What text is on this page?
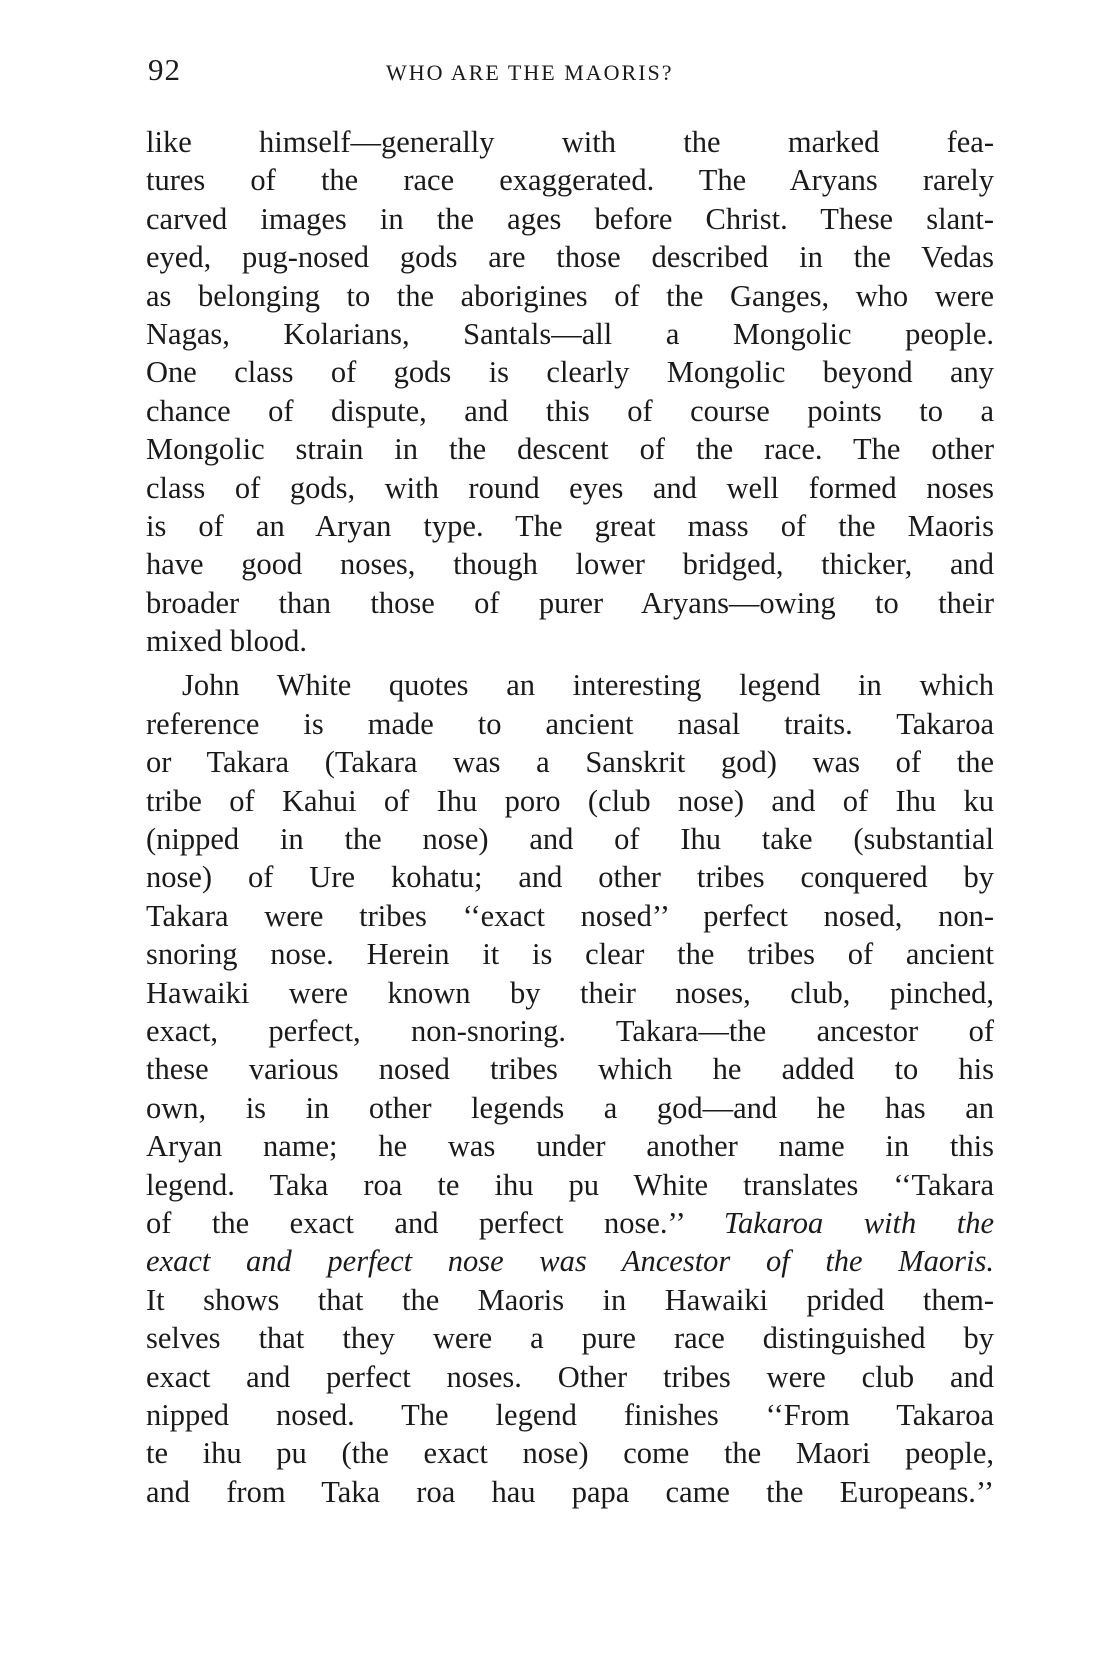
92	WHO ARE THE MAORIS?
like himself—generally with the marked fea-
tures of the race exaggerated. The Aryans rarely
carved images in the ages before Christ. These slant-
eyed, pug-nosed gods are those described in the Vedas
as belonging to the aborigines of the Ganges, who were
Nagas, Kolarians, Santals—all a Mongolic people.
One class of gods is clearly Mongolic beyond any
chance of dispute, and this of course points to a
Mongolic strain in the descent of the race. The other
class of gods, with round eyes and well formed noses
is of an Aryan type. The great mass of the Maoris
have good noses, though lower bridged, thicker, and
broader than those of purer Aryans—owing to their
mixed blood.
John White quotes an interesting legend in which
reference is made to ancient nasal traits. Takaroa
or Takara (Takara was a Sanskrit god) was of the
tribe of Kahui of Ihu poro (club nose) and of Ihu ku
(nipped in the nose) and of Ihu take (substantial
nose) of Ure kohatu; and other tribes conquered by
Takara were tribes ‘‘exact nosed’’ perfect nosed, non-
snoring nose. Herein it is clear the tribes of ancient
Hawaiki were known by their noses, club, pinched,
exact, perfect, non-snoring. Takara—the ancestor of
these various nosed tribes which he added to his
own, is in other legends a god—and he has an
Aryan name; he was under another name in this
legend. Taka roa te ihu pu White translates ‘‘Takara
of the exact and perfect nose.’’ Takaroa with the
exact and perfect nose was Ancestor of the Maoris.
It shows that the Maoris in Hawaiki prided them-
selves that they were a pure race distinguished by
exact and perfect noses. Other tribes were club and
nipped nosed. The legend finishes ‘‘From Takaroa
te ihu pu (the exact nose) come the Maori people,
and from Taka roa hau papa came the Europeans.’’
